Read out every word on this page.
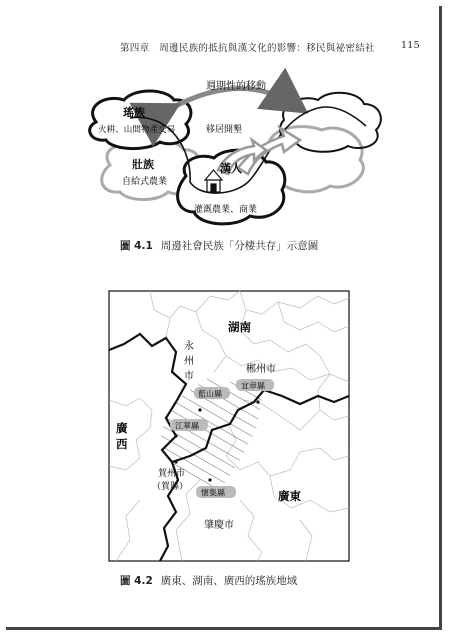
第四章　周邊民族的抵抗與漢文化的影響：移民與祕密結社	115
週期性的移動
瑤族
火耕、山間物產交易
壯族
自給式農業
移居開墾
漢人
灌溉農業、商業
圖 4.1 周邊社會民族「分棲共存」示意圖
湖南
廣
西
廣東
永
州
市
郴州市
藍山縣
宜章縣
江華縣
賀州市
（賀縣）
懷集縣
肇慶市
圖 4.2 廣東、湖南、廣西的瑤族地域
